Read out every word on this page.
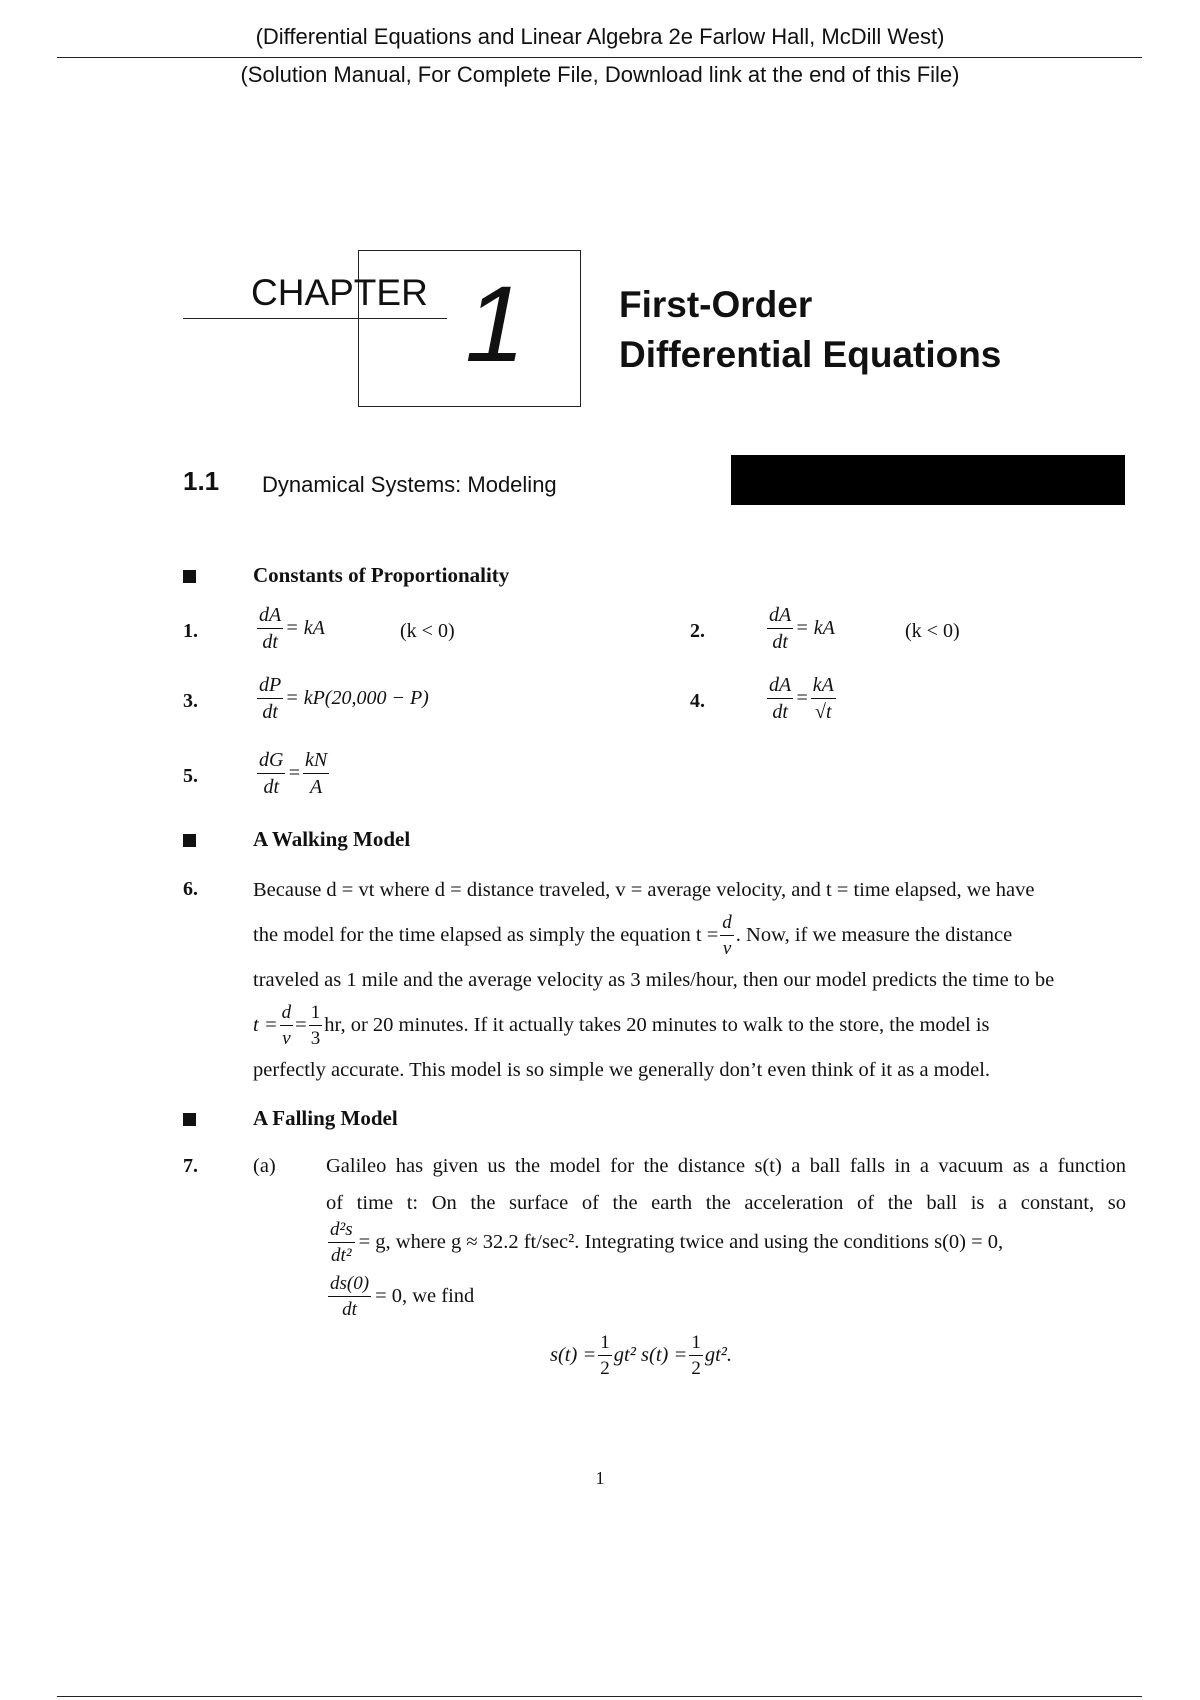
(Differential Equations and Linear Algebra 2e Farlow Hall, McDill West)
(Solution Manual, For Complete File, Download link at the end of this File)
CHAPTER 1	First-Order
Differential Equations
1.1 Dynamical Systems: Modeling
Constants of Proportionality
1.	$\frac{dA}{dt}$ = kA	(k < 0)	2.	$\frac{dA}{dt}$ = kA	(k < 0)
3.	$\frac{dP}{dt} = kP(20,000 - P)$	4.	$\frac{dA}{dt} = \frac{kA}{√t}$
5.	$\frac{dG}{dt} = \frac{kN}{A}$
A Walking Model
6.	Because d = vt where d = distance traveled, v = average velocity, and t = time elapsed, we have
the model for the time elapsed as simply the equation $t = \frac{d}{v}$ . Now, if we measure the distance
traveled as 1 mile and the average velocity as 3 miles/hour, then our model predicts the time to be
$t = \frac{d}{v} = \frac{1}{3}$ hr, or 20 minutes. If it actually takes 20 minutes to walk to the store, the model is
perfectly accurate. This model is so simple we generally don’t even think of it as a model.
A Falling Model
7.	(a) Galileo has given us the model for the distance s(t) a ball falls in a vacuum as a function
of time t: On the surface of the earth the acceleration of the ball is a constant, so
$\frac{\text{d²s}}{\text{dt²}} = g$, where g ≈ 32.2 ft/sec². Integrating twice and using the conditions s(0) = 0,
$\frac{ds(0)}{dt} = 0$, we find
$s(t) = \frac{1}{2} gt^2$ $s(t) = \frac{1}{2} gt^2$.
1
